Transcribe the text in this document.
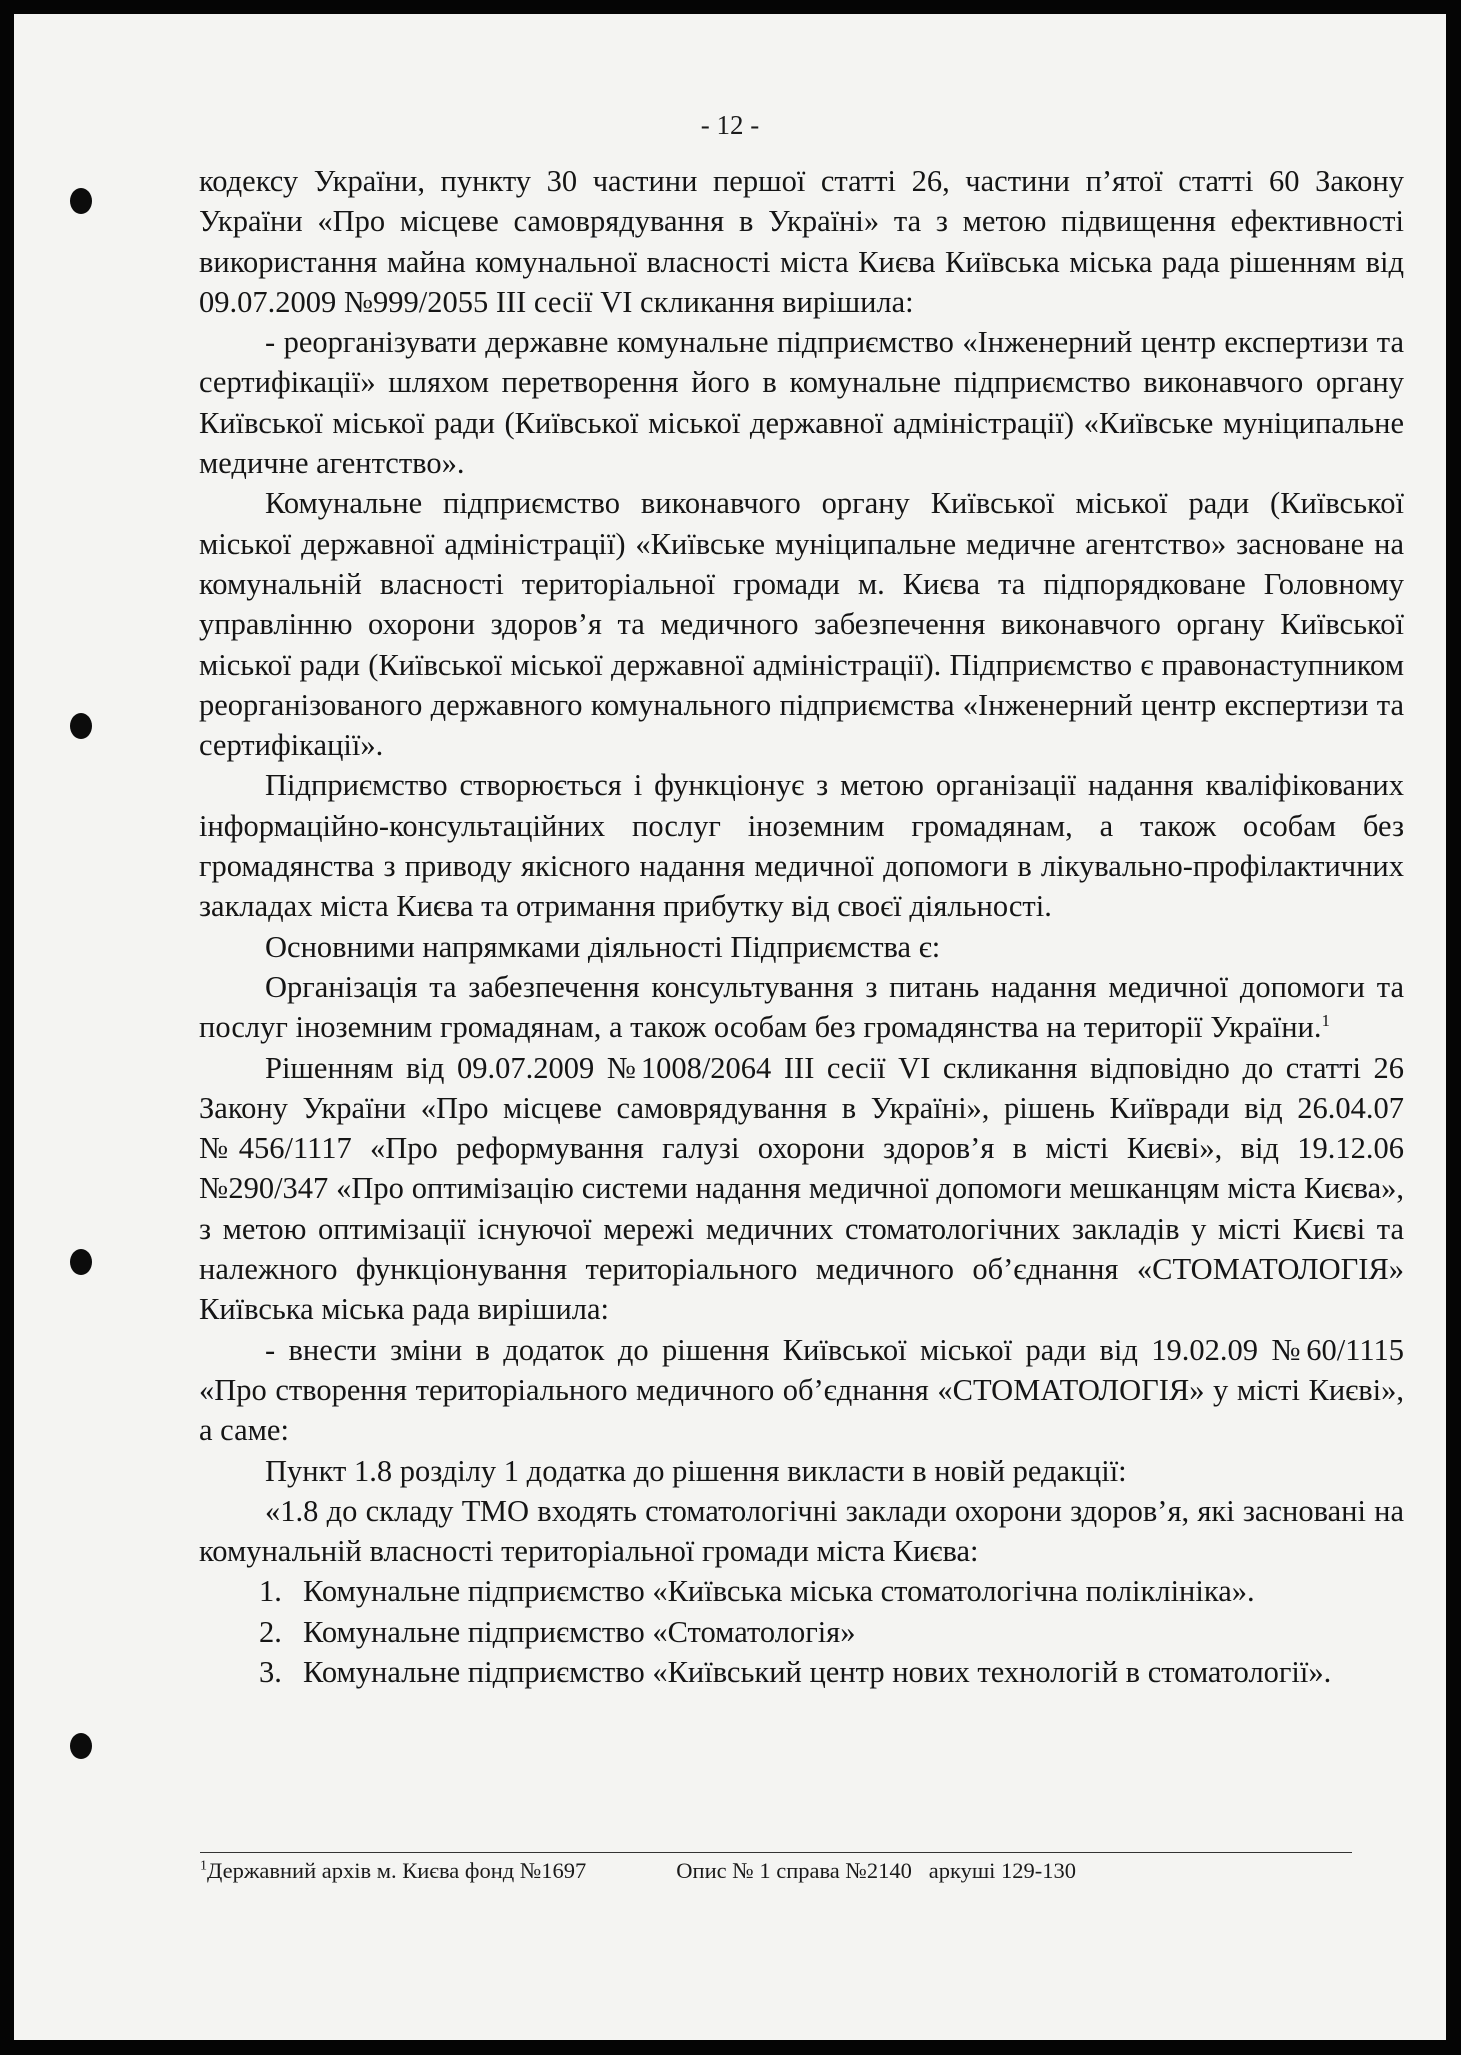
- 12 -

кодексу України, пункту 30 частини першої статті 26, частини п’ятої статті 60 Закону України «Про місцеве самоврядування в Україні» та з метою підвищення ефективності використання майна комунальної власності міста Києва Київська міська рада рішенням від 09.07.2009 №999/2055 ІІІ сесії VI скликання вирішила:

- реорганізувати державне комунальне підприємство «Інженерний центр експертизи та сертифікації» шляхом перетворення його в комунальне підприємство виконавчого органу Київської міської ради (Київської міської державної адміністрації) «Київське муніципальне медичне агентство».

Комунальне підприємство виконавчого органу Київської міської ради (Київської міської державної адміністрації) «Київське муніципальне медичне агентство» засноване на комунальній власності територіальної громади м. Києва та підпорядковане Головному управлінню охорони здоров’я та медичного забезпечення виконавчого органу Київської міської ради (Київської міської державної адміністрації). Підприємство є правонаступником реорганізованого державного комунального підприємства «Інженерний центр експертизи та сертифікації».

Підприємство створюється і функціонує з метою організації надання кваліфікованих інформаційно-консультаційних послуг іноземним громадянам, а також особам без громадянства з приводу якісного надання медичної допомоги в лікувально-профілактичних закладах міста Києва та отримання прибутку від своєї діяльності.

Основними напрямками діяльності Підприємства є:

Організація та забезпечення консультування з питань надання медичної допомоги та послуг іноземним громадянам, а також особам без громадянства на території України.$^1$

Рішенням від 09.07.2009 №1008/2064 ІІІ сесії VI скликання відповідно до статті 26 Закону України «Про місцеве самоврядування в Україні», рішень Київради від 26.04.07 №456/1117 «Про реформування галузі охорони здоров’я в місті Києві», від 19.12.06 №290/347 «Про оптимізацію системи надання медичної допомоги мешканцям міста Києва», з метою оптимізації існуючої мережі медичних стоматологічних закладів у місті Києві та належного функціонування територіального медичного об’єднання «СТОМАТОЛОГІЯ» Київська міська рада вирішила:

- внести зміни в додаток до рішення Київської міської ради від 19.02.09 №60/1115 «Про створення територіального медичного об’єднання «СТОМАТОЛОГІЯ» у місті Києві», а саме:

Пункт 1.8 розділу 1 додатка до рішення викласти в новій редакції:

«1.8 до складу ТМО входять стоматологічні заклади охорони здоров’я, які засновані на комунальній власності територіальної громади міста Києва:

1. Комунальне підприємство «Київська міська стоматологічна поліклініка».
2. Комунальне підприємство «Стоматологія»
3. Комунальне підприємство «Київський центр нових технологій в стоматології».
$^1$Державний архів м. Києва фонд №1697	Опис № 1 справа №2140   аркуші 129-130
